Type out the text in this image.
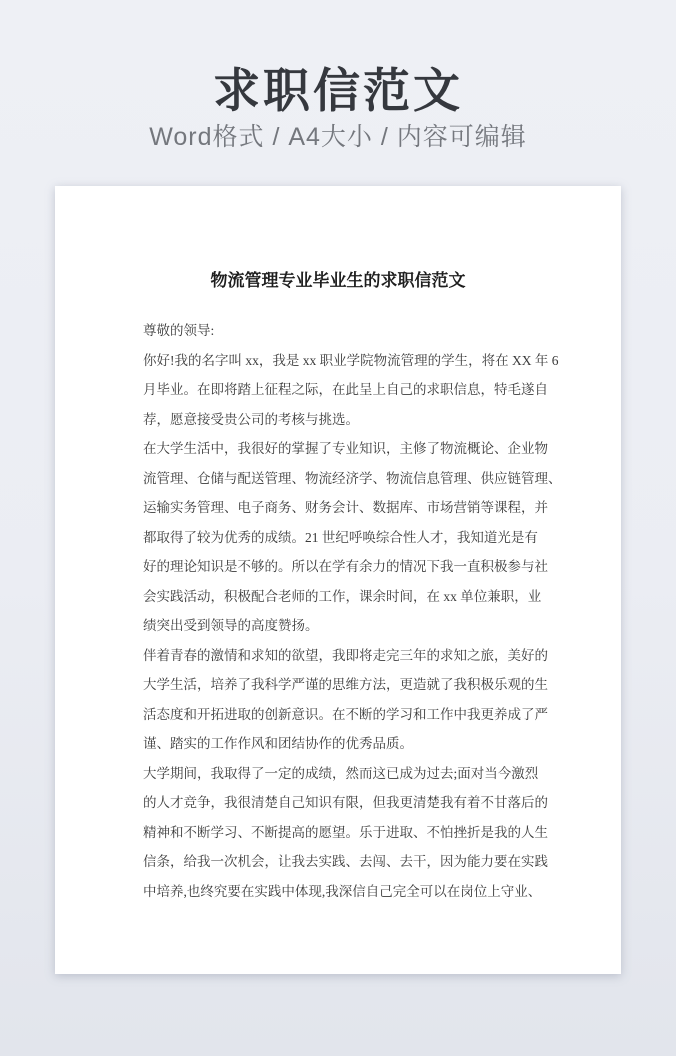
求职信范文

Word格式 / A4大小 / 内容可编辑

物流管理专业毕业生的求职信范文
尊敬的领导:
你好!我的名字叫 xx，我是 xx 职业学院物流管理的学生，将在 XX 年 6
月毕业。在即将踏上征程之际，在此呈上自己的求职信息，特毛遂自
荐，愿意接受贵公司的考核与挑选。
在大学生活中，我很好的掌握了专业知识，主修了物流概论、企业物
流管理、仓储与配送管理、物流经济学、物流信息管理、供应链管理、
运输实务管理、电子商务、财务会计、数据库、市场营销等课程，并
都取得了较为优秀的成绩。21 世纪呼唤综合性人才，我知道光是有
好的理论知识是不够的。所以在学有余力的情况下我一直积极参与社
会实践活动，积极配合老师的工作，课余时间，在 xx 单位兼职，业
绩突出受到领导的高度赞扬。
伴着青春的激情和求知的欲望，我即将走完三年的求知之旅，美好的
大学生活，培养了我科学严谨的思维方法，更造就了我积极乐观的生
活态度和开拓进取的创新意识。在不断的学习和工作中我更养成了严
谨、踏实的工作作风和团结协作的优秀品质。
大学期间，我取得了一定的成绩，然而这已成为过去;面对当今激烈
的人才竞争，我很清楚自己知识有限，但我更清楚我有着不甘落后的
精神和不断学习、不断提高的愿望。乐于进取、不怕挫折是我的人生
信条，给我一次机会，让我去实践、去闯、去干，因为能力要在实践
中培养,也终究要在实践中体现,我深信自己完全可以在岗位上守业、
